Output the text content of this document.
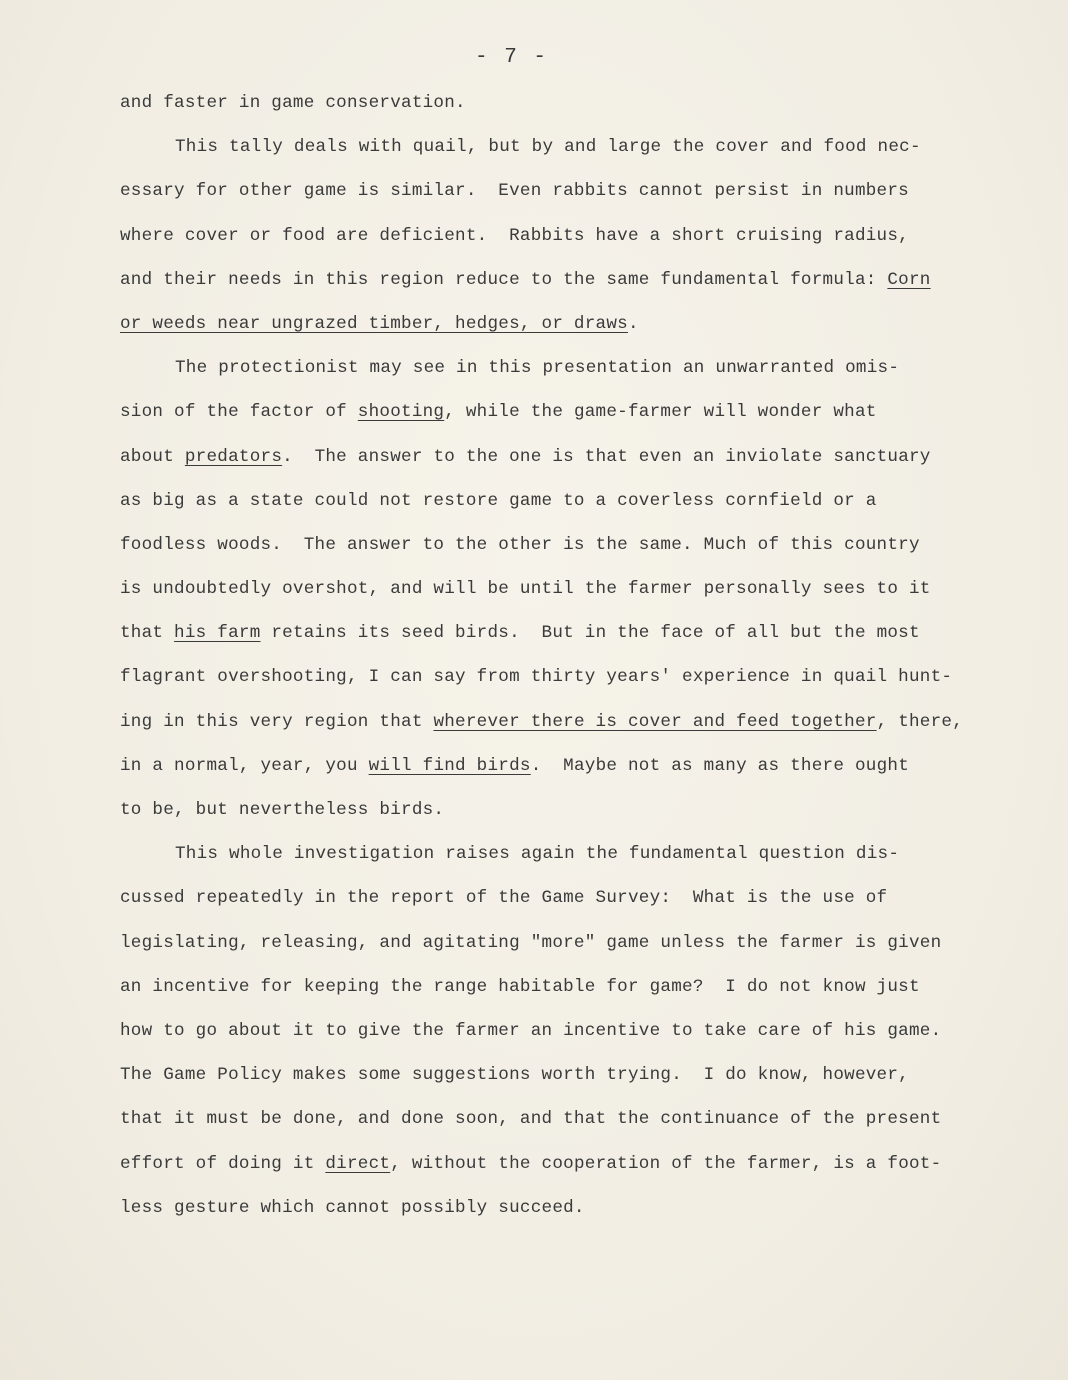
- 7 -
and faster in game conservation.
This tally deals with quail, but by and large the cover and food nec-
essary for other game is similar.  Even rabbits cannot persist in numbers
where cover or food are deficient.  Rabbits have a short cruising radius,
and their needs in this region reduce to the same fundamental formula: Corn
or weeds near ungrazed timber, hedges, or draws.
The protectionist may see in this presentation an unwarranted omis-
sion of the factor of shooting, while the game-farmer will wonder what
about predators.  The answer to the one is that even an inviolate sanctuary
as big as a state could not restore game to a coverless cornfield or a
foodless woods.  The answer to the other is the same. Much of this country
is undoubtedly overshot, and will be until the farmer personally sees to it
that his farm retains its seed birds.  But in the face of all but the most
flagrant overshooting, I can say from thirty years' experience in quail hunt-
ing in this very region that wherever there is cover and feed together, there,
in a normal, year, you will find birds.  Maybe not as many as there ought
to be, but nevertheless birds.
This whole investigation raises again the fundamental question dis-
cussed repeatedly in the report of the Game Survey:  What is the use of
legislating, releasing, and agitating "more" game unless the farmer is given
an incentive for keeping the range habitable for game?  I do not know just
how to go about it to give the farmer an incentive to take care of his game.
The Game Policy makes some suggestions worth trying.  I do know, however,
that it must be done, and done soon, and that the continuance of the present
effort of doing it direct, without the cooperation of the farmer, is a foot-
less gesture which cannot possibly succeed.
